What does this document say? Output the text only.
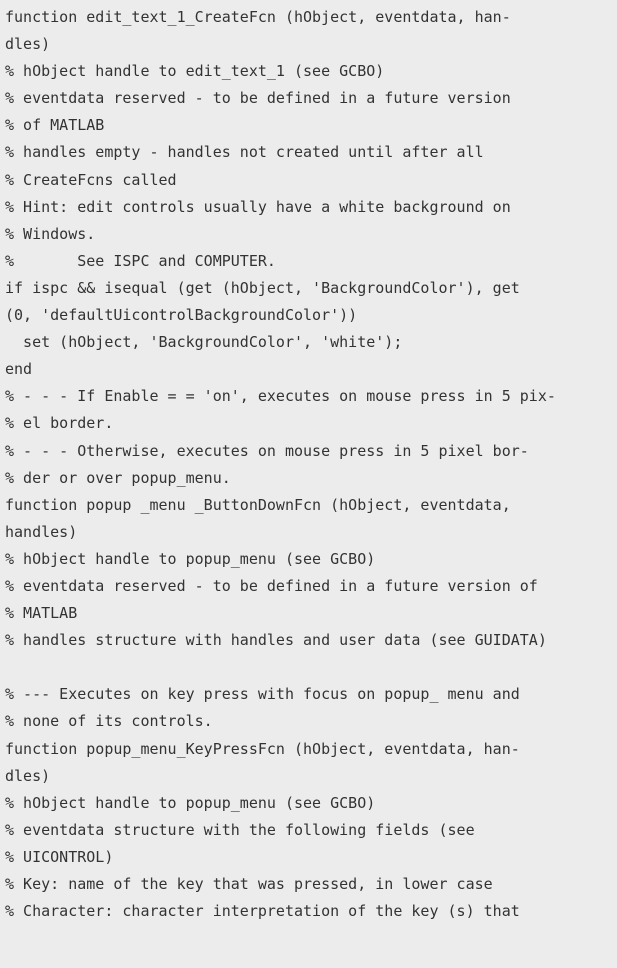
function edit_text_1_CreateFcn (hObject, eventdata, han-
dles)
% hObject handle to edit_text_1 (see GCBO)
% eventdata reserved - to be defined in a future version
% of MATLAB
% handles empty - handles not created until after all
% CreateFcns called
% Hint: edit controls usually have a white background on
% Windows.
%       See ISPC and COMPUTER.
if ispc && isequal (get (hObject, 'BackgroundColor'), get
(0, 'defaultUicontrolBackgroundColor'))
set (hObject, 'BackgroundColor', 'white');
end
% - - - If Enable = = 'on', executes on mouse press in 5 pix-
% el border.
% - - - Otherwise, executes on mouse press in 5 pixel bor-
% der or over popup_menu.
function popup _menu _ButtonDownFcn (hObject, eventdata,
handles)
% hObject handle to popup_menu (see GCBO)
% eventdata reserved - to be defined in a future version of
% MATLAB
% handles structure with handles and user data (see GUIDATA)
% --- Executes on key press with focus on popup_ menu and
% none of its controls.
function popup_menu_KeyPressFcn (hObject, eventdata, han-
dles)
% hObject handle to popup_menu (see GCBO)
% eventdata structure with the following fields (see
% UICONTROL)
% Key: name of the key that was pressed, in lower case
% Character: character interpretation of the key (s) that
